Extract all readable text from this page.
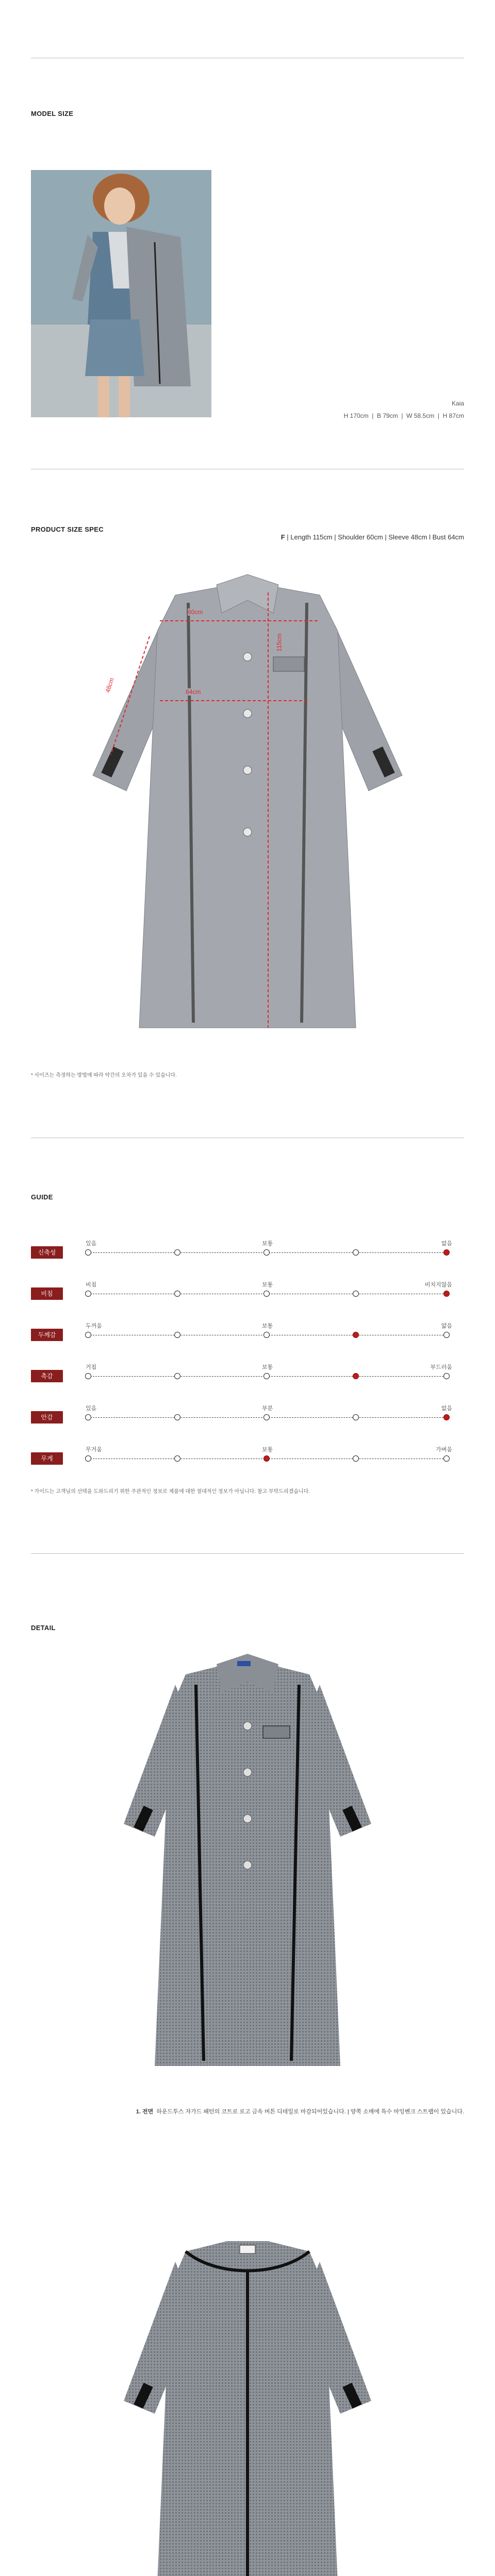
MODEL SIZE
Kaia
H 170cm  |  B 79cm  |  W 58.5cm  |  H 87cm
PRODUCT SIZE SPEC

F | Length 115cm | Shoulder 60cm | Sleeve 48cm l Bust 64cm

60cm
64cm
48cm
115cm
* 사이즈는 측정하는 방법에 따라 약간의 오차가 있을 수 있습니다.
GUIDE
신축성
있음	보통	없음
비침
비침	보통	비치지않음
두께감
두꺼움	보통	얇음
촉감
거침	보통	부드러움
안감
있음	부분	없음
무게
무거움	보통	가벼움
* 가이드는 고객님의 선택을 도와드리기 위한 주관적인 정보로 제품에 대한 절대적인 정보가 아닙니다. 참고 부탁드리겠습니다.
DETAIL
1. 전면 하운드투스 자가드 패턴의 코트로 로고 금속 버튼 디테일로 마감되어있습니다. | 양쪽 소매에 특수 마잉벤크 스트랩이 있습니다.
